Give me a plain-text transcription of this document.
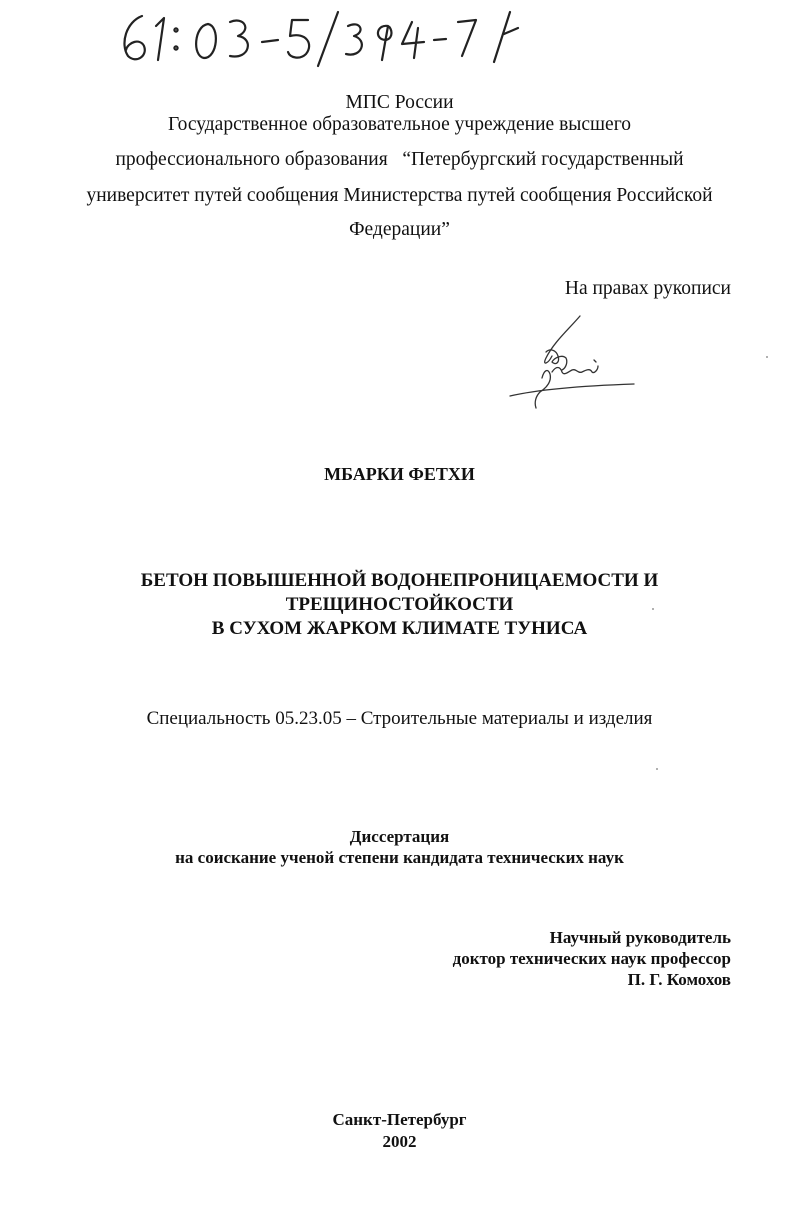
МПС России
Государственное образовательное учреждение высшего
профессионального образования   “Петербургский государственный
университет путей сообщения Министерства путей сообщения Российской
Федерации”
На правах рукописи
МБАРКИ ФЕТХИ
БЕТОН ПОВЫШЕННОЙ ВОДОНЕПРОНИЦАЕМОСТИ И
ТРЕЩИНОСТОЙКОСТИ
В СУХОМ ЖАРКОМ КЛИМАТЕ ТУНИСА
Специальность 05.23.05 – Строительные материалы и изделия
Диссертация
на соискание ученой степени кандидата технических наук
Научный руководитель
доктор технических наук профессор
П. Г. Комохов
Санкт-Петербург
2002
